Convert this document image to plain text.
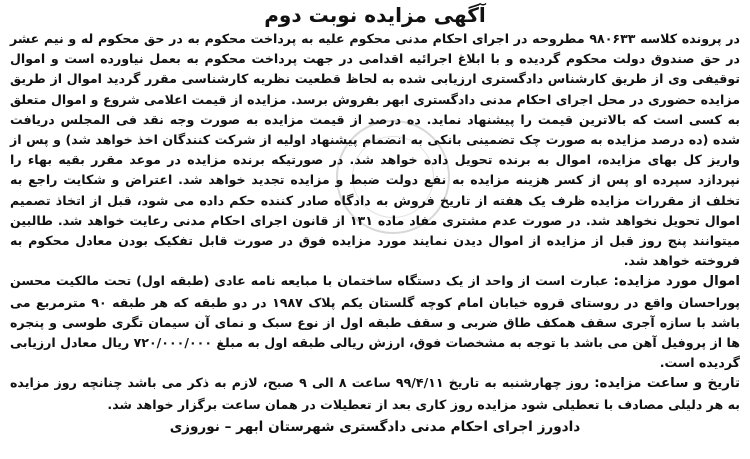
آگهی مزایده نوبت دوم

در پرونده کلاسه ۹۸۰۶۳۳ مطروحه در اجرای احکام مدنی محکوم علیه به پرداخت محکوم به در حق محکوم له و نیم عشر در حق صندوق دولت محکوم گردیده و با ابلاغ اجرائیه اقدامی در جهت پرداخت محکوم به بعمل نیاورده است و اموال توقیفی وی از طریق کارشناس دادگستری ارزیابی شده به لحاظ قطعیت نظریه کارشناسی مقرر گردید اموال از طریق مزایده حضوری در محل اجرای احکام مدنی دادگستری ابهر بفروش برسد. مزایده از قیمت اعلامی شروع و اموال متعلق به کسی است که بالاترین قیمت را پیشنهاد نماید. ده درصد از قیمت مزایده به صورت وجه نقد فی المجلس دریافت شده (ده درصد مزایده به صورت چک تضمینی بانکی به انضمام پیشنهاد اولیه از شرکت کنندگان اخذ خواهد شد) و پس از واریز کل بهای مزایده، اموال به برنده تحویل داده خواهد شد. در صورتیکه برنده مزایده در موعد مقرر بقیه بهاء را نپردازد سپرده او پس از کسر هزینه مزایده به نفع دولت ضبط و مزایده تجدید خواهد شد. اعتراض و شکایت راجع به تخلف از مقررات مزایده ظرف یک هفته از تاریخ فروش به دادگاه صادر کننده حکم داده می شود، قبل از اتخاذ تصمیم اموال تحویل نخواهد شد. در صورت عدم مشتری مفاد ماده ۱۳۱ از قانون اجرای احکام مدنی رعایت خواهد شد. طالبین میتوانند پنج روز قبل از مزایده از اموال دیدن نمایند مورد مزایده فوق در صورت قابل تفکیک بودن معادل محکوم به فروخته خواهد شد.

اموال مورد مزایده: عبارت است از واحد از یک دستگاه ساختمان با مبایعه نامه عادی (طبقه اول) تحت مالکیت محسن پوراحسان واقع در روستای قروه خیابان امام کوچه گلستان یکم پلاک ۱۹۸۷ در دو طبقه که هر طبقه ۹۰ مترمربع می باشد با سازه آجری سقف همکف طاق ضربی و سقف طبقه اول از نوع سبک و نمای آن سیمان تگری طوسی و پنجره ها از پروفیل آهن می باشد با توجه به مشخصات فوق، ارزش ریالی طبقه اول به مبلغ ۷۲۰/۰۰۰/۰۰۰ ریال معادل ارزیابی گردیده است.

تاریخ و ساعت مزایده: روز چهارشنبه به تاریخ ۹۹/۴/۱۱ ساعت ۸ الی ۹ صبح، لازم به ذکر می باشد چنانچه روز مزایده به هر دلیلی مصادف با تعطیلی شود مزایده روز کاری بعد از تعطیلات در همان ساعت برگزار خواهد شد.

دادورز اجرای احکام مدنی دادگستری شهرستان ابهر – نوروزی
